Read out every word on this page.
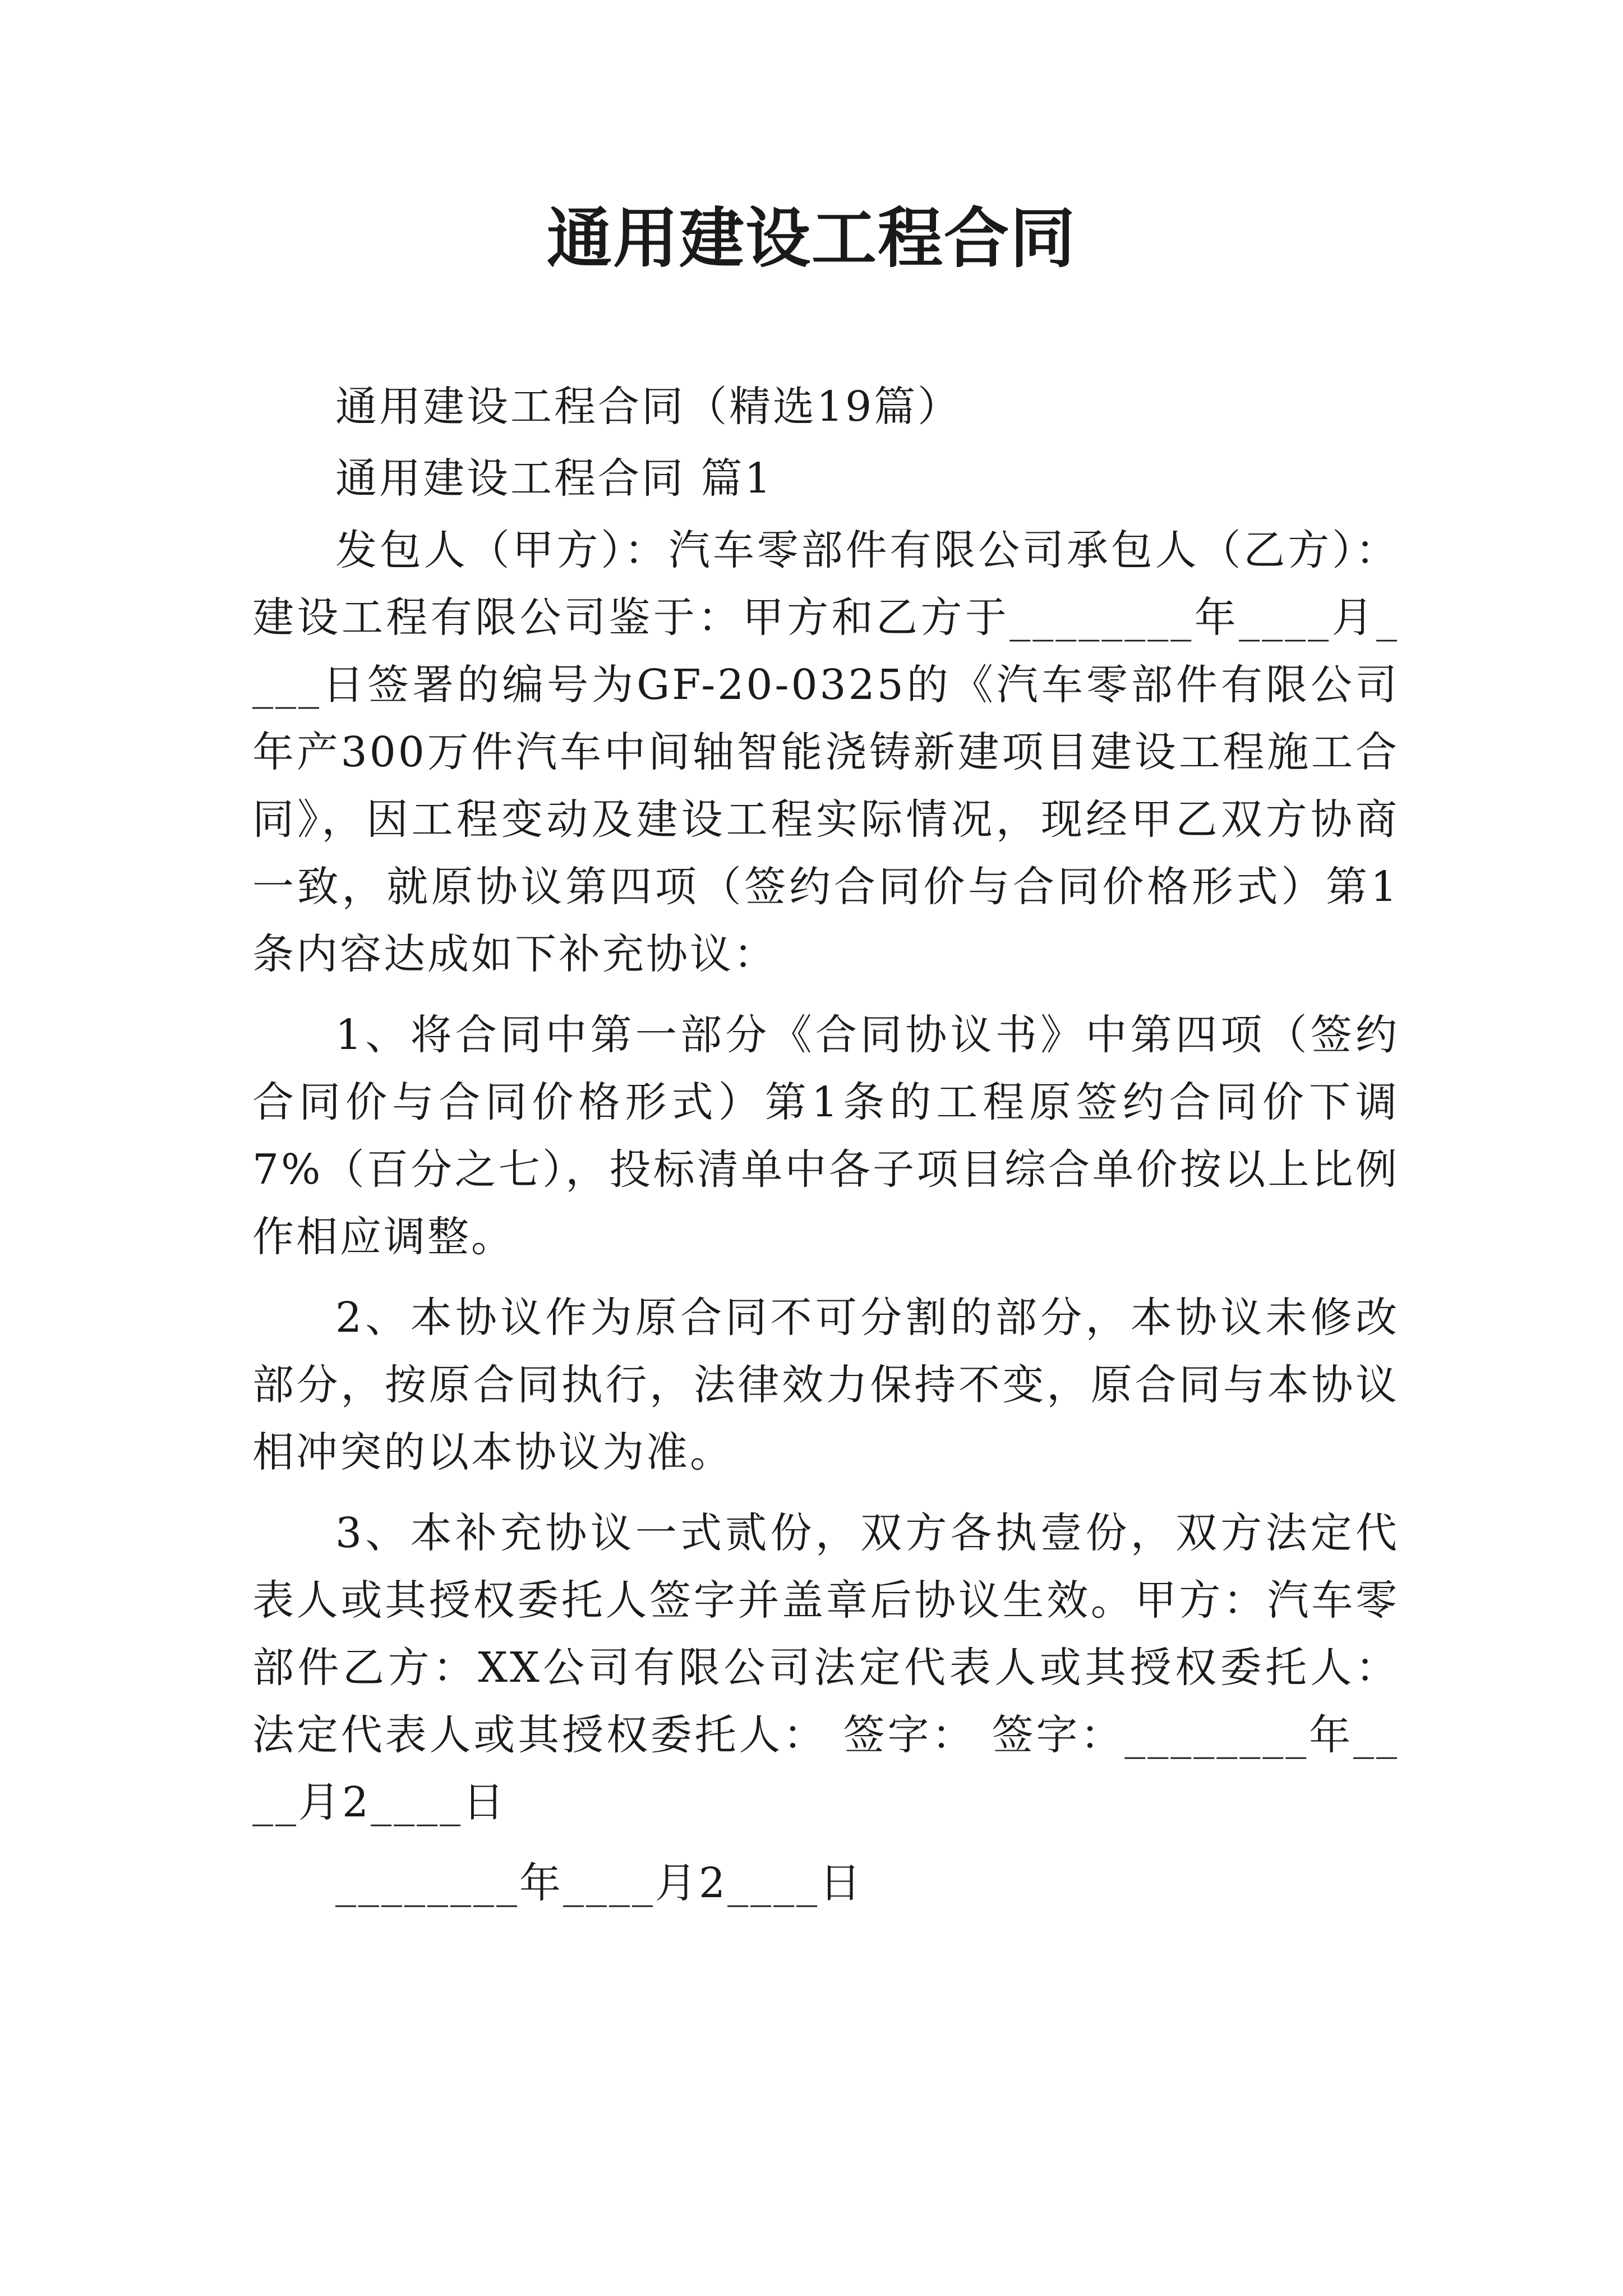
通用建设工程合同

通用建设工程合同（精选19篇）

通用建设工程合同 篇1

发包人（甲方）：汽车零部件有限公司承包人（乙方）：建设工程有限公司鉴于：甲方和乙方于________年____月____日签署的编号为GF-20-0325的《汽车零部件有限公司年产300万件汽车中间轴智能浇铸新建项目建设工程施工合同》，因工程变动及建设工程实际情况，现经甲乙双方协商一致，就原协议第四项（签约合同价与合同价格形式）第1条内容达成如下补充协议：

1、将合同中第一部分《合同协议书》中第四项（签约合同价与合同价格形式）第1条的工程原签约合同价下调7%（百分之七），投标清单中各子项目综合单价按以上比例作相应调整。

2、本协议作为原合同不可分割的部分，本协议未修改部分，按原合同执行，法律效力保持不变，原合同与本协议相冲突的以本协议为准。

3、本补充协议一式贰份，双方各执壹份，双方法定代表人或其授权委托人签字并盖章后协议生效。甲方：汽车零部件乙方：XX公司有限公司法定代表人或其授权委托人：法定代表人或其授权委托人： 签字： 签字：________年____月2____日

________年____月2____日
